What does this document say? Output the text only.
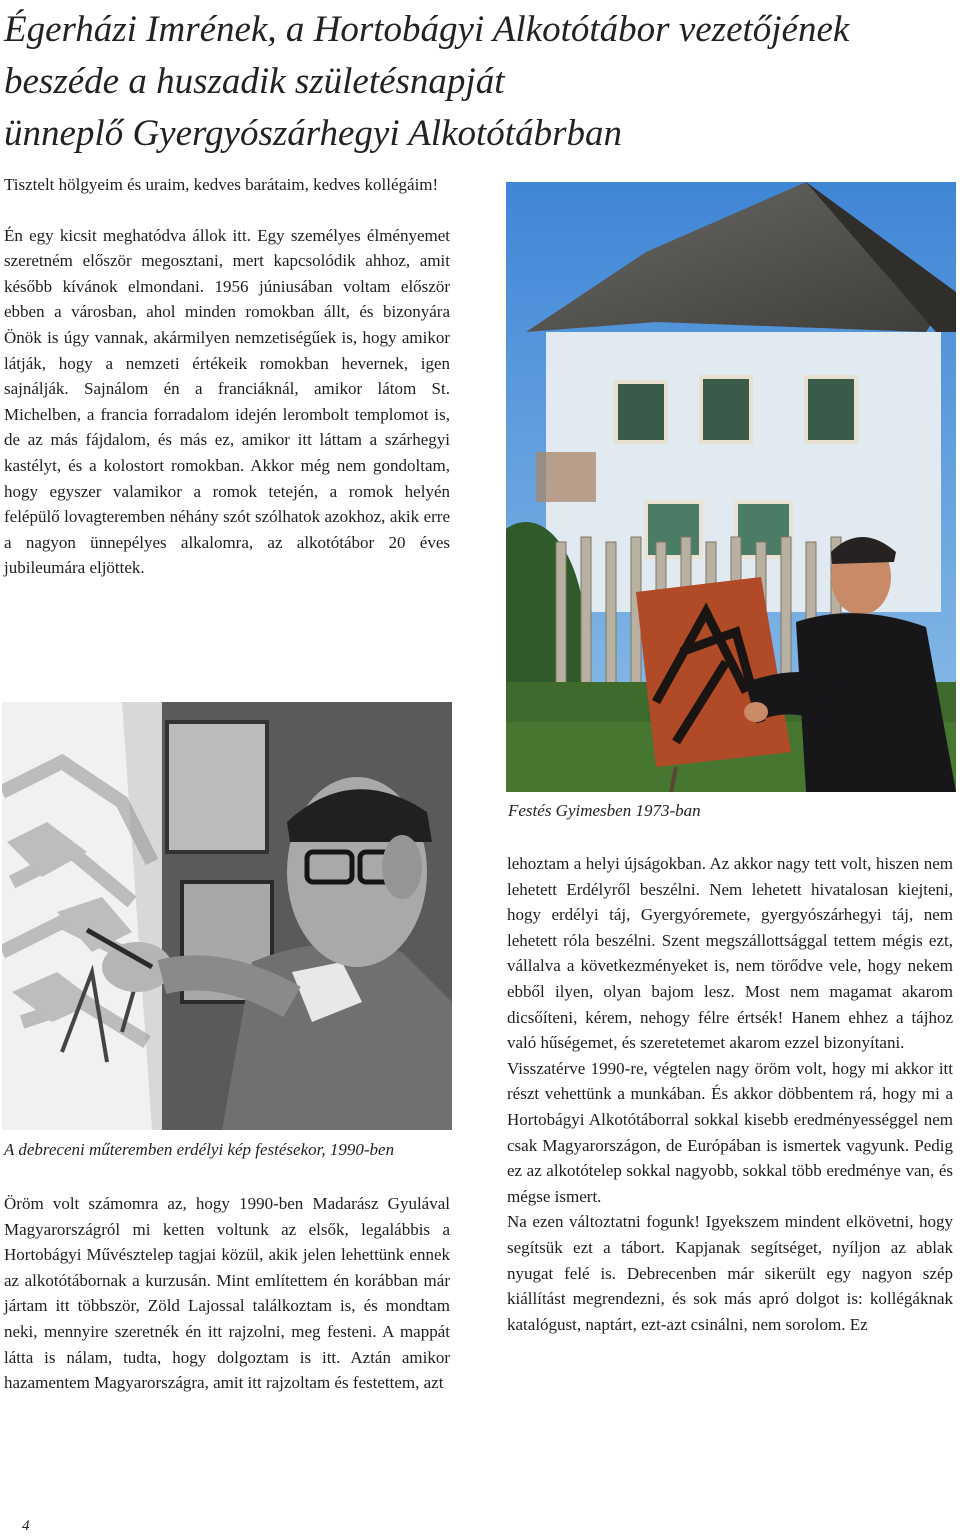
Égerházi Imrének, a Hortobágyi Alkotótábor vezetőjének
beszéde a huszadik születésnapját
ünneplő Gyergyószárhegyi Alkotótábrban

Tisztelt hölgyeim és uraim, kedves barátaim, kedves kollégáim!

Én egy kicsit meghatódva állok itt. Egy személyes élményemet szeretném először megosztani, mert kapcsolódik ahhoz, amit később kívánok elmondani. 1956 júniusában voltam először ebben a városban, ahol minden romokban állt, és bizonyára Önök is úgy vannak, akármilyen nemzetiségűek is, hogy amikor látják, hogy a nemzeti értékeik romokban hevernek, igen sajnálják. Sajnálom én a franciáknál, amikor látom St. Michelben, a francia forradalom idején lerombolt templomot is, de az más fájdalom, és más ez, amikor itt láttam a szárhegyi kastélyt, és a kolostort romokban. Akkor még nem gondoltam, hogy egyszer valamikor a romok tetején, a romok helyén felépülő lovagteremben néhány szót szólhatok azokhoz, akik erre a nagyon ünnepélyes alkalomra, az alkotótábor 20 éves jubileumára eljöttek.

Festés Gyimesben 1973-ban
A debreceni műteremben erdélyi kép festésekor, 1990-ben

Öröm volt számomra az, hogy 1990-ben Madarász Gyulával Magyarországról mi ketten voltunk az elsők, legalábbis a Hortobágyi Művésztelep tagjai közül, akik jelen lehettünk ennek az alkotótábornak a kurzusán. Mint említettem én korábban már jártam itt többször, Zöld Lajossal találkoztam is, és mondtam neki, mennyire szeretnék én itt rajzolni, meg festeni. A mappát látta is nálam, tudta, hogy dolgoztam is itt. Aztán amikor hazamentem Magyarországra, amit itt rajzoltam és festettem, azt

lehoztam a helyi újságokban. Az akkor nagy tett volt, hiszen nem lehetett Erdélyről beszélni. Nem lehetett hivatalosan kiejteni, hogy erdélyi táj, Gyergyóremete, gyergyószárhegyi táj, nem lehetett róla beszélni. Szent megszállottsággal tettem mégis ezt, vállalva a következményeket is, nem törődve vele, hogy nekem ebből ilyen, olyan bajom lesz. Most nem magamat akarom dicsőíteni, kérem, nehogy félre értsék! Hanem ehhez a tájhoz való hűségemet, és szeretetemet akarom ezzel bizonyítani.

Visszatérve 1990-re, végtelen nagy öröm volt, hogy mi akkor itt részt vehettünk a munkában. És akkor döbbentem rá, hogy mi a Hortobágyi Alkotótáborral sokkal kisebb eredményességgel nem csak Magyarországon, de Európában is ismertek vagyunk. Pedig ez az alkotótelep sokkal nagyobb, sokkal több eredménye van, és mégse ismert.

Na ezen változtatni fogunk! Igyekszem mindent elkövetni, hogy segítsük ezt a tábort. Kapjanak segítséget, nyíljon az ablak nyugat felé is. Debrecenben már sikerült egy nagyon szép kiállítást megrendezni, és sok más apró dolgot is: kollégáknak katalógust, naptárt, ezt-azt csinálni, nem sorolom. Ez

4
